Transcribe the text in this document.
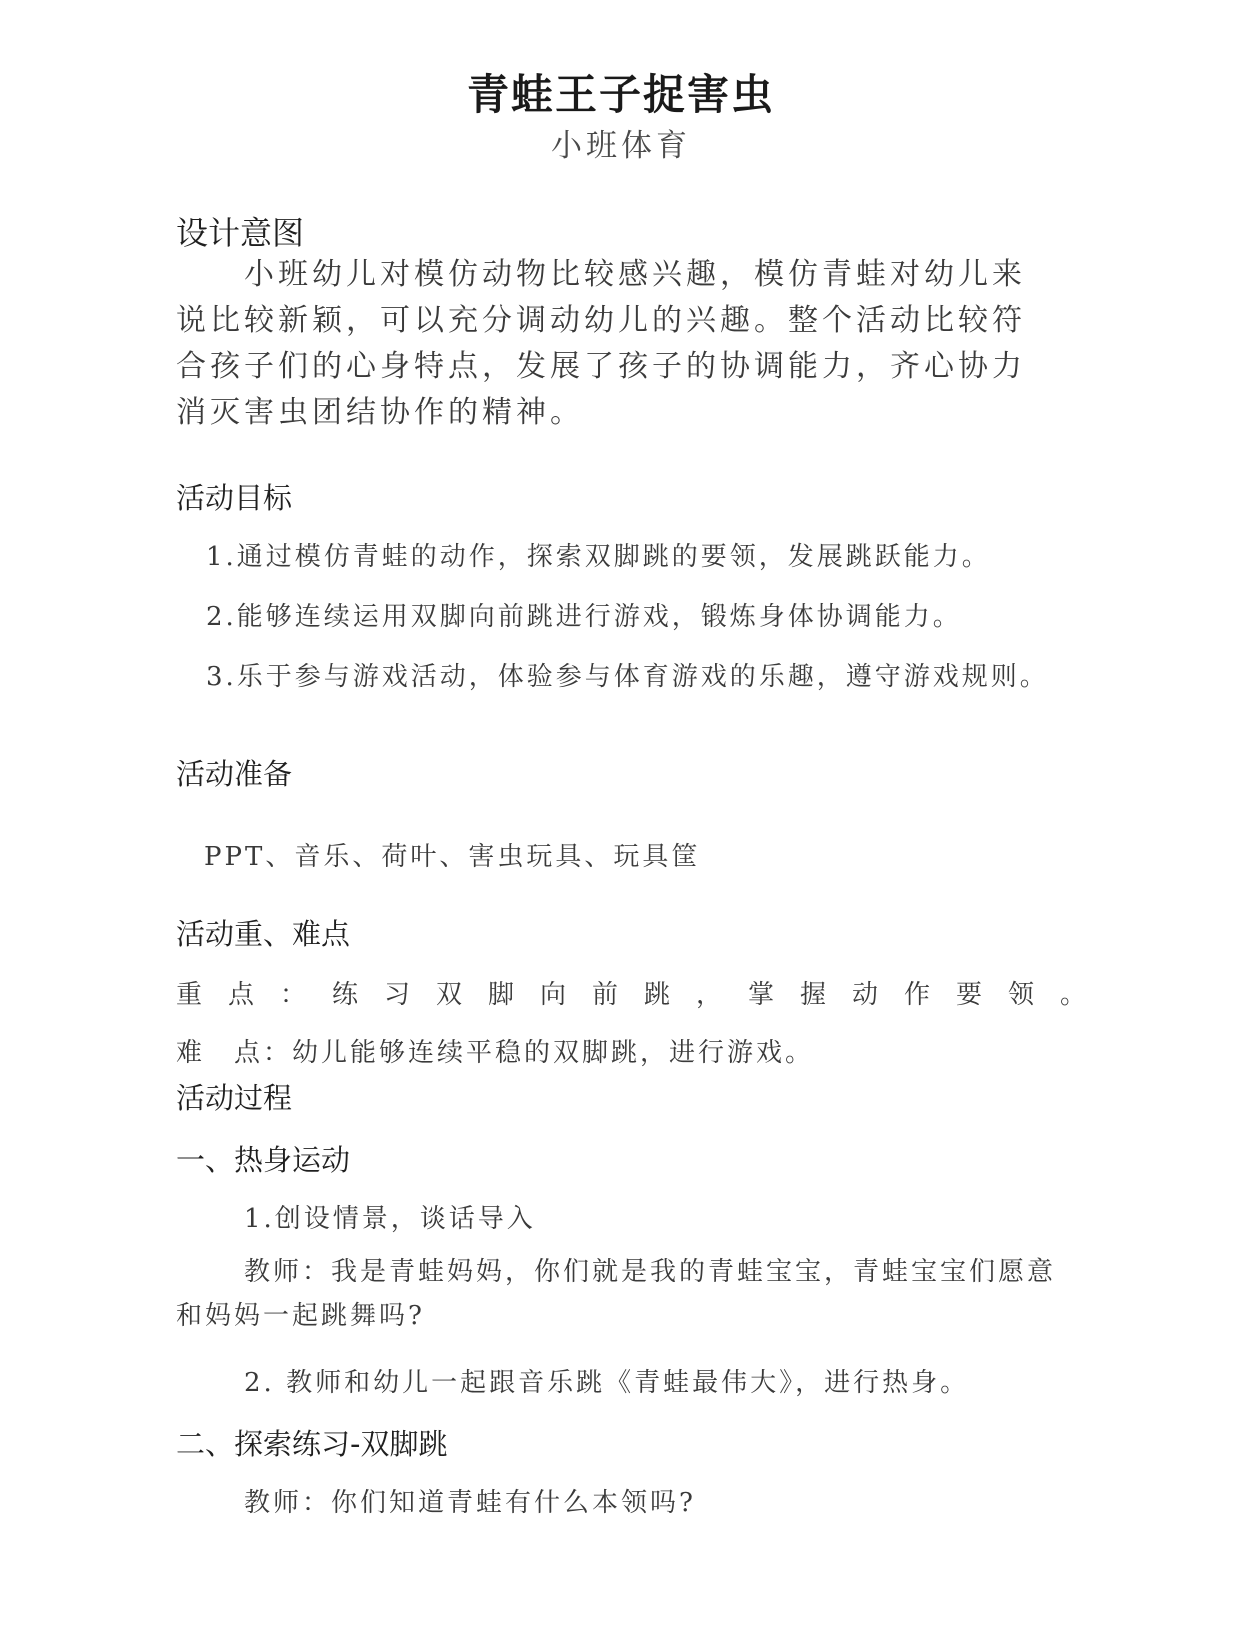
青蛙王子捉害虫
小班体育
设计意图
小班幼儿对模仿动物比较感兴趣，模仿青蛙对幼儿来说比较新颖，可以充分调动幼儿的兴趣。整个活动比较符合孩子们的心身特点，发展了孩子的协调能力，齐心协力消灭害虫团结协作的精神。
活动目标
1.通过模仿青蛙的动作，探索双脚跳的要领，发展跳跃能力。
2.能够连续运用双脚向前跳进行游戏，锻炼身体协调能力。
3.乐于参与游戏活动，体验参与体育游戏的乐趣，遵守游戏规则。
活动准备
PPT、音乐、荷叶、害虫玩具、玩具筐
活动重、难点
重点：练习双脚向前跳，掌握动作要领。
难　点：幼儿能够连续平稳的双脚跳，进行游戏。
活动过程
一、热身运动
1.创设情景，谈话导入
教师：我是青蛙妈妈，你们就是我的青蛙宝宝，青蛙宝宝们愿意和妈妈一起跳舞吗?
2. 教师和幼儿一起跟音乐跳《青蛙最伟大》，进行热身。
二、探索练习-双脚跳
教师：你们知道青蛙有什么本领吗?
